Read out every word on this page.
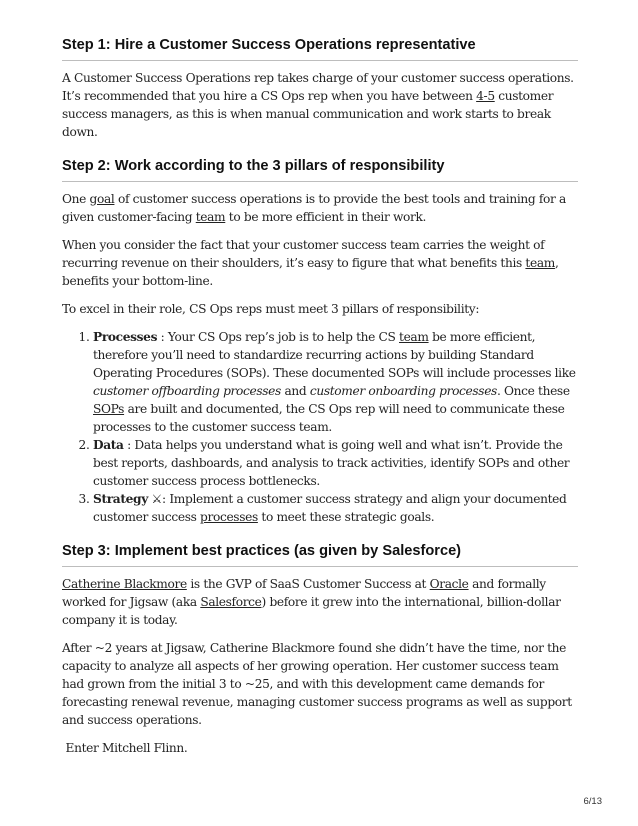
Step 1: Hire a Customer Success Operations representative

A Customer Success Operations rep takes charge of your customer success operations. It’s recommended that you hire a CS Ops rep when you have between 4-5 customer success managers, as this is when manual communication and work starts to break down.

Step 2: Work according to the 3 pillars of responsibility

One goal of customer success operations is to provide the best tools and training for a given customer-facing team to be more efficient in their work.

When you consider the fact that your customer success team carries the weight of recurring revenue on their shoulders, it’s easy to figure that what benefits this team, benefits your bottom-line.

To excel in their role, CS Ops reps must meet 3 pillars of responsibility:

1. Processes : Your CS Ops rep’s job is to help the CS team be more efficient, therefore you’ll need to standardize recurring actions by building Standard Operating Procedures (SOPs). These documented SOPs will include processes like customer offboarding processes and customer onboarding processes. Once these SOPs are built and documented, the CS Ops rep will need to communicate these processes to the customer success team.
2. Data : Data helps you understand what is going well and what isn’t. Provide the best reports, dashboards, and analysis to track activities, identify SOPs and other customer success process bottlenecks.
3. Strategy ⚔: Implement a customer success strategy and align your documented customer success processes to meet these strategic goals.
Step 3: Implement best practices (as given by Salesforce)

Catherine Blackmore is the GVP of SaaS Customer Success at Oracle and formally worked for Jigsaw (aka Salesforce) before it grew into the international, billion-dollar company it is today.

After ~2 years at Jigsaw, Catherine Blackmore found she didn’t have the time, nor the capacity to analyze all aspects of her growing operation. Her customer success team had grown from the initial 3 to ~25, and with this development came demands for forecasting renewal revenue, managing customer success programs as well as support and success operations.

Enter Mitchell Flinn.

6/13
